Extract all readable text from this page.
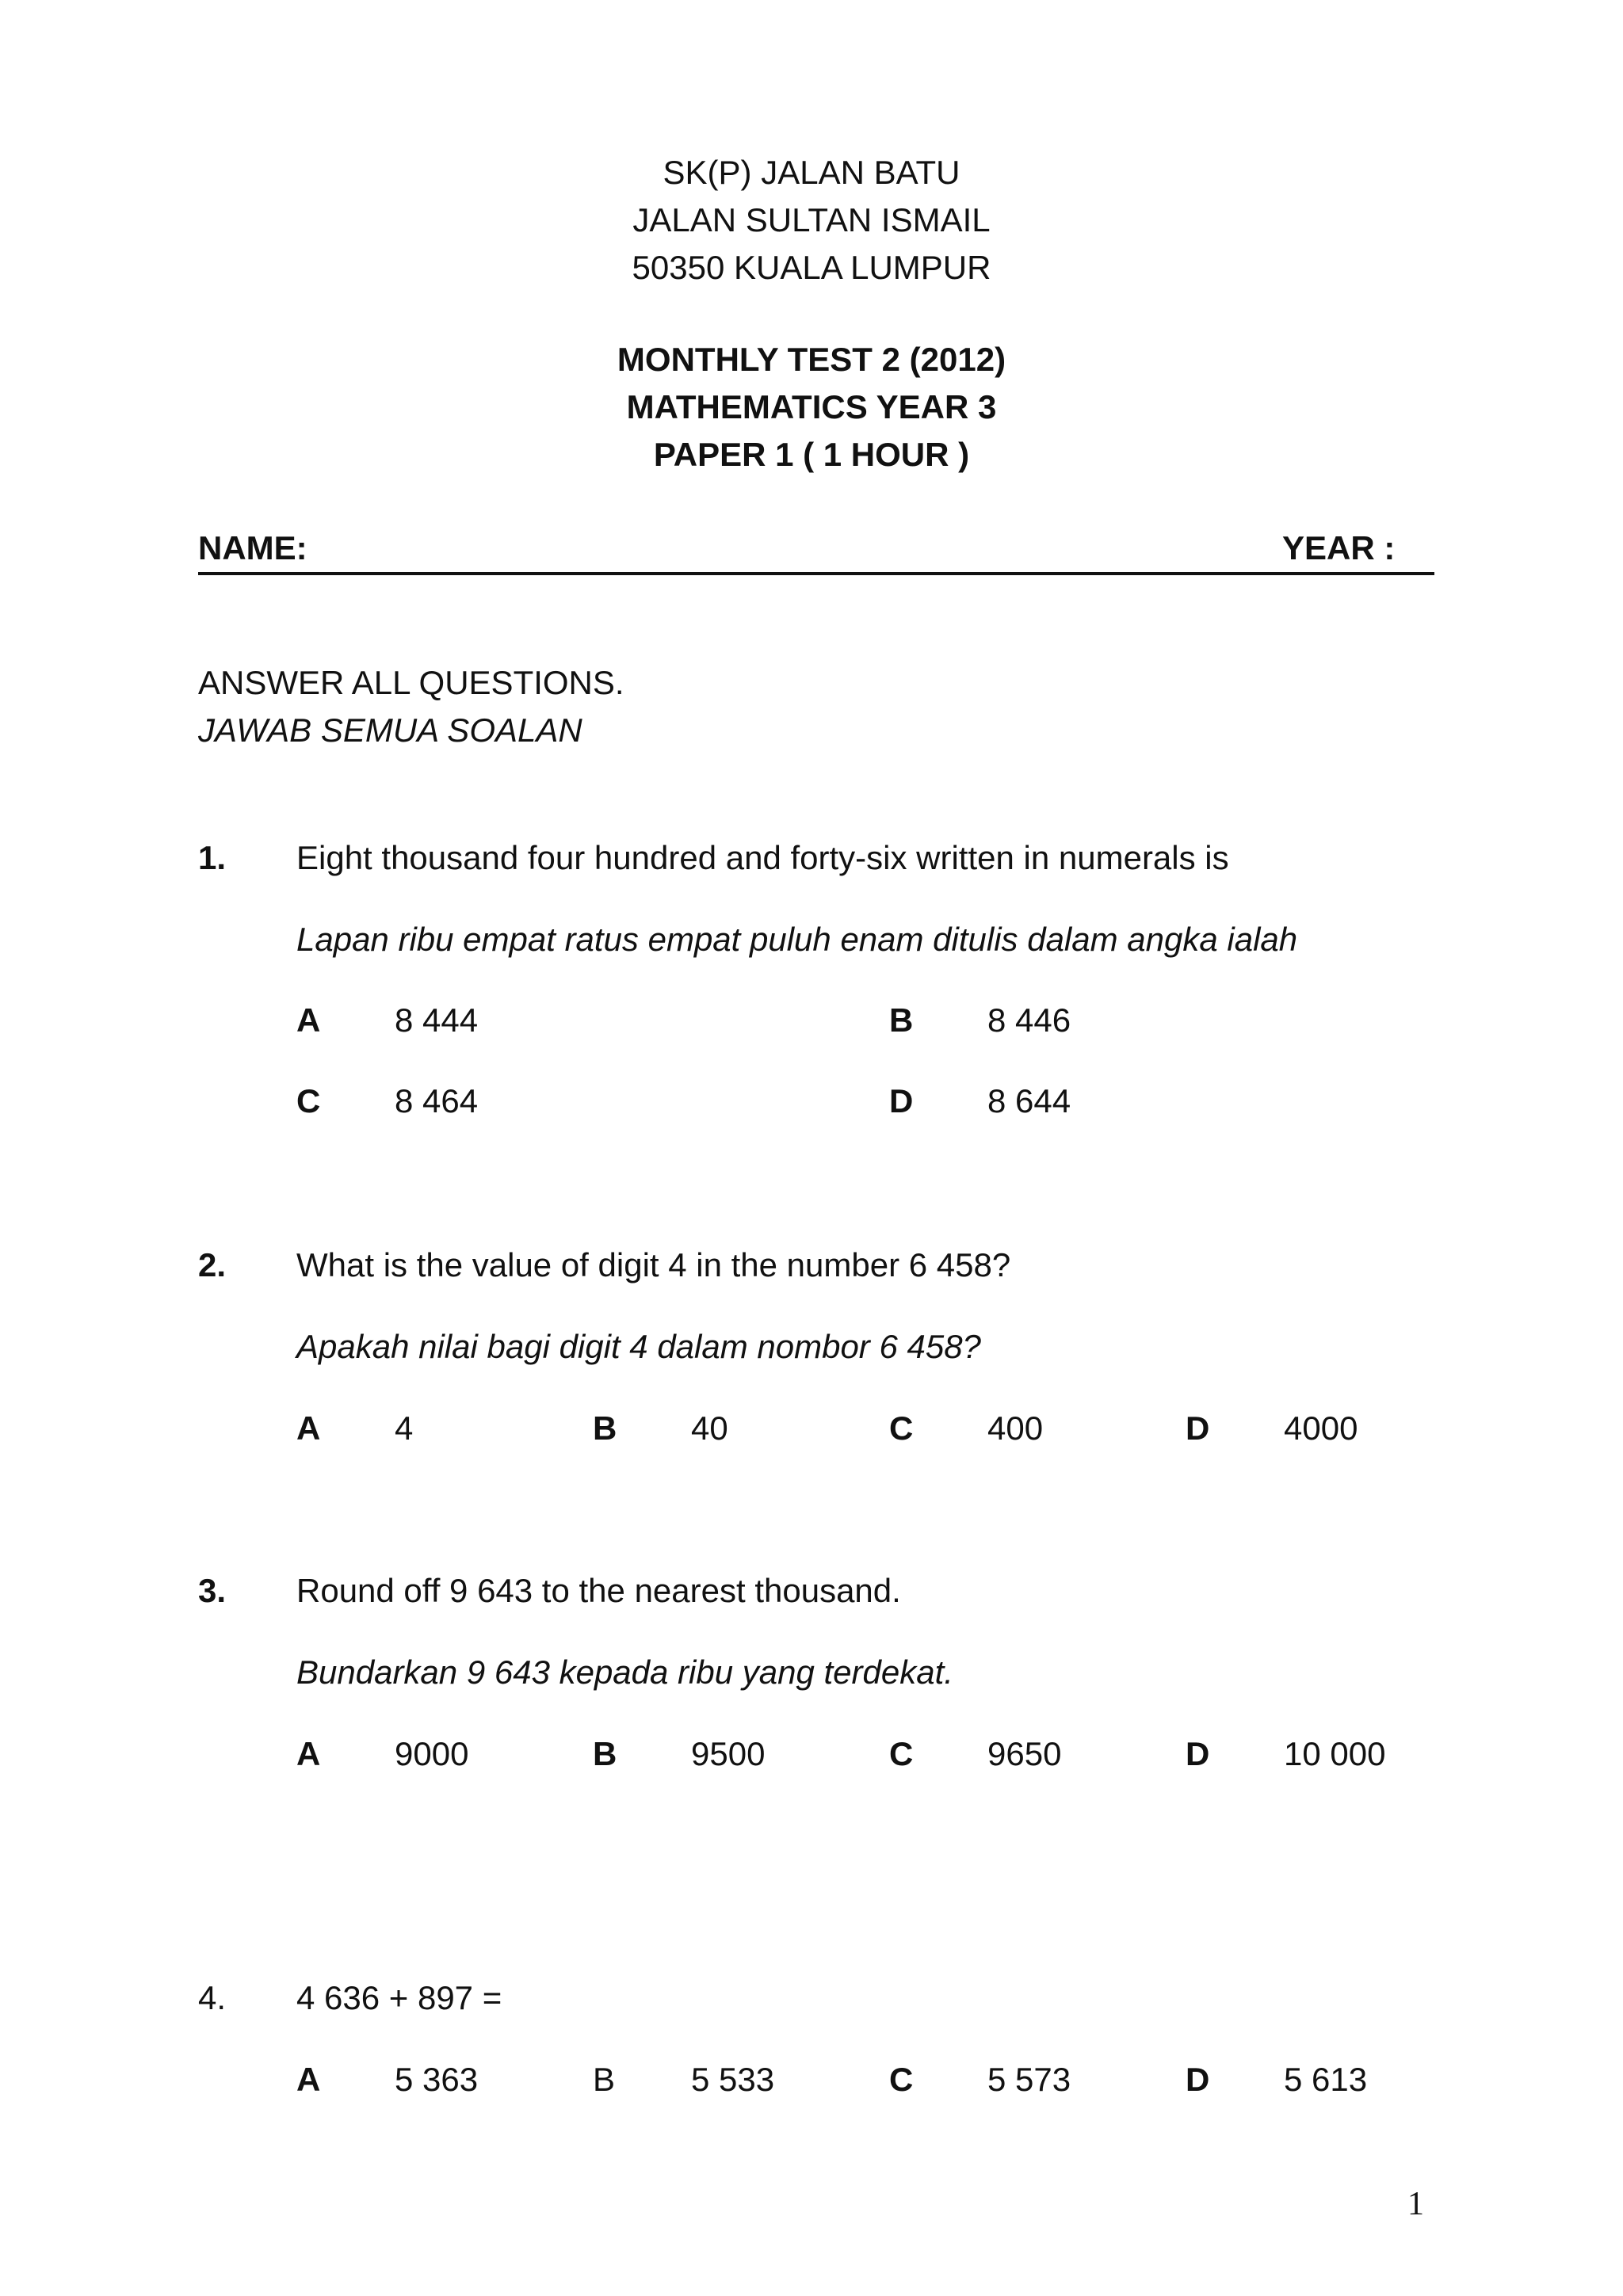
SK(P) JALAN BATU
JALAN SULTAN ISMAIL
50350 KUALA LUMPUR
MONTHLY TEST 2 (2012)
MATHEMATICS YEAR 3
PAPER 1 ( 1 HOUR )
NAME:	YEAR :
ANSWER ALL QUESTIONS.
JAWAB SEMUA SOALAN
1. Eight thousand four hundred and forty-six written in numerals is
Lapan ribu empat ratus empat puluh enam ditulis dalam angka ialah
A 8 444	B 8 446
C 8 464	D 8 644
2. What is the value of digit 4 in the number 6 458?
Apakah nilai bagi digit 4 dalam nombor 6 458?
A 4	B 40	C 400	D 4000
3. Round off 9 643 to the nearest thousand.
Bundarkan 9 643 kepada ribu yang terdekat.
A 9000	B 9500	C 9650	D 10 000
4. 4 636 + 897 =
A 5 363	B 5 533	C 5 573	D 5 613
1
